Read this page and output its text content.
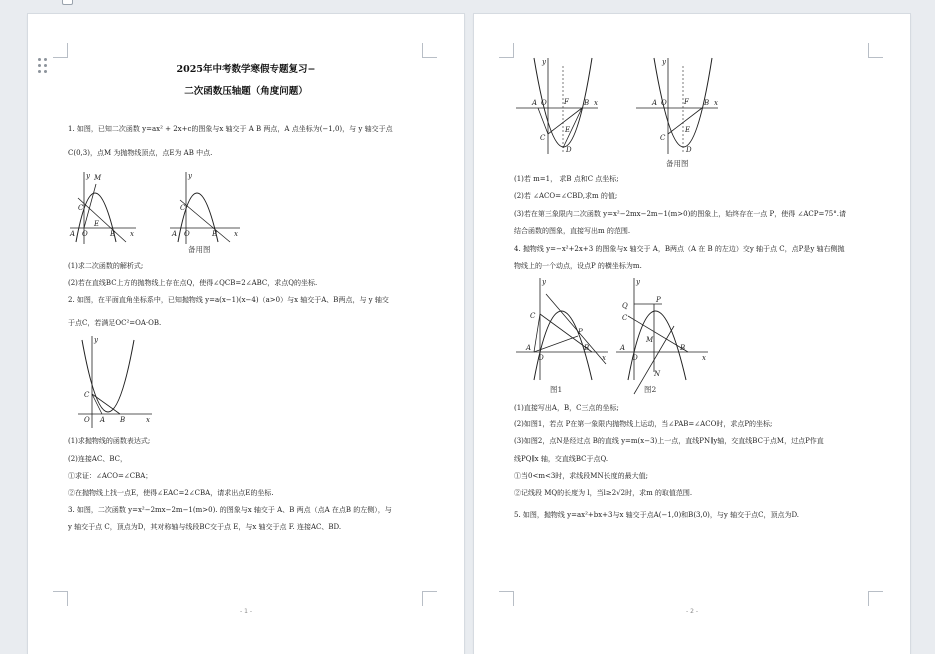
2025年中考数学寒假专题复习−
二次函数压轴题（角度问题）
1. 如图，已知二次函数 y=ax² + 2x+c的图象与x 轴交于 A B 两点，A 点坐标为(−1,0)，与 y 轴交于点
C(0,3)，点M 为抛物线顶点，点E为 AB 中点.
A O	B
C
M
E
x
y
A O	B
C
x
y
备用图
(1)求二次函数的解析式;
(2)若在直线BC上方的抛物线上存在点Q，使得∠QCB=2∠ABC，求点Q的坐标.
2. 如图，在平面直角坐标系中，已知抛物线 y=a(x−1)(x−4)（a>0）与x 轴交于A、B两点，与 y 轴交
于点C，若满足OC²=OA·OB.
C
O A B	x
y
(1)求抛物线的函数表达式;
(2)连接AC、BC，
①求证：∠ACO=∠CBA；
②在抛物线上找一点E，使得∠EAC=2∠CBA，请求出点E的坐标.
3. 如图，二次函数 y=x²−2mx−2m−1(m>0). 的图象与x 轴交于 A、B 两点（点A 在点B 的左侧），与
y 轴交于点 C，顶点为D，其对称轴与线段BC交于点 E，与x 轴交于点 F. 连接AC、BD.
- 1 -
A O F B
C
E
D
x
y
A O F B
C
E
D
x
y
备用图
(1)若 m=1， 求B 点和C 点坐标;
(2)若 ∠ACO=∠CBD,求m 的值;
(3)若在第三象限内二次函数 y=x²−2mx−2m−1(m>0)的图象上，始终存在一点 P，使得 ∠ACP=75°.请
结合函数的图象，直接写出m 的范围.
4. 抛物线 y=−x²+2x+3 的图象与x 轴交于 A，B两点（A 在 B 的左边）交y 轴于点 C，点P是y 轴右侧抛
物线上的一个动点，设点P 的横坐标为m.
A
O
C
P
B
x
y
图1
A
O
Q
C
P
M
B
N
x
y
图2
(1)直接写出A，B，C三点的坐标;
(2)如图1，若点 P在第一象限内抛物线上运动，当∠PAB=∠ACO时，求点P的坐标;
(3)如图2，点N是经过点 B的直线 y=m(x−3)上一点，直线PN∥y轴，交直线BC于点M，过点P作直
线PQ∥x 轴，交直线BC于点Q.
①当0<m<3时，求线段MN长度的最大值;
②记线段 MQ的长度为 l，当l≥2√2时，求m 的取值范围.
5. 如图，抛物线 y=ax²+bx+3与x 轴交于点A(−1,0)和B(3,0)，与y 轴交于点C，顶点为D.
- 2 -
